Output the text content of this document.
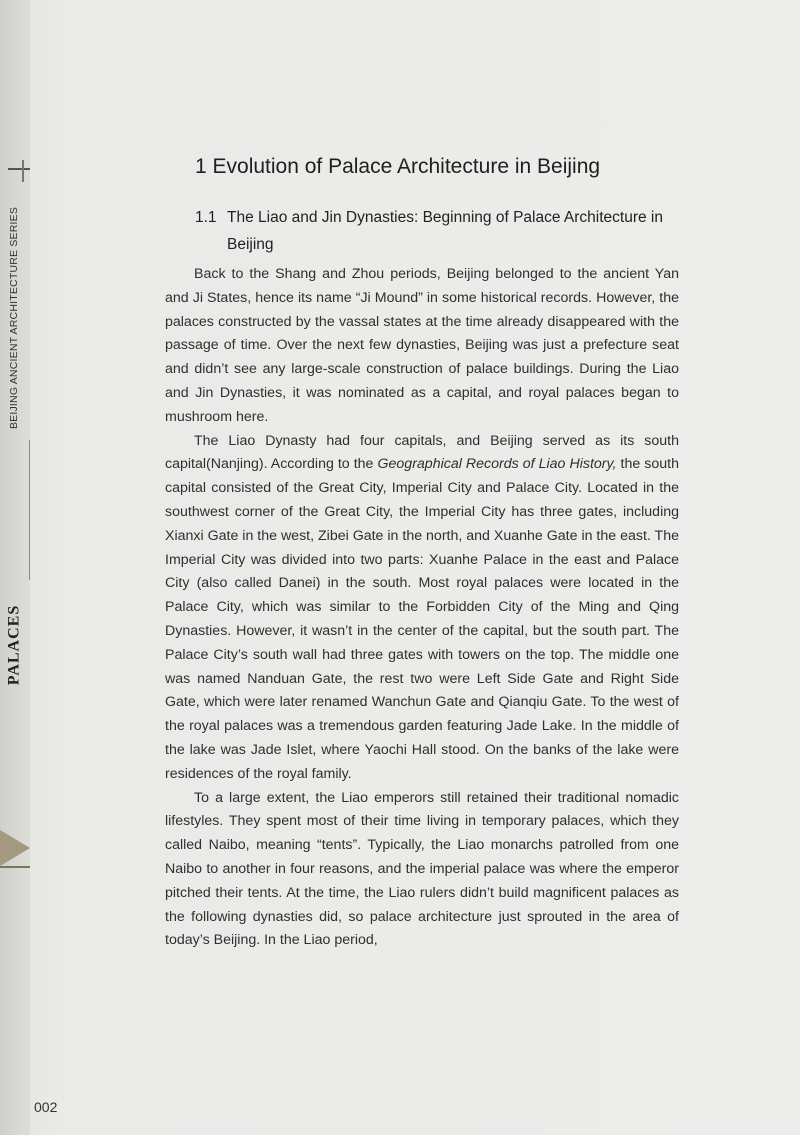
BEIJING ANCIENT ARCHITECTURE SERIES
PALACES
1 Evolution of Palace Architecture in Beijing
1.1 The Liao and Jin Dynasties: Beginning of Palace Architecture in Beijing

Back to the Shang and Zhou periods, Beijing belonged to the ancient Yan and Ji States, hence its name “Ji Mound” in some historical records. However, the palaces constructed by the vassal states at the time already disappeared with the passage of time. Over the next few dynasties, Beijing was just a prefecture seat and didn’t see any large-scale construction of palace buildings. During the Liao and Jin Dynasties, it was nominated as a capital, and royal palaces began to mushroom here.

The Liao Dynasty had four capitals, and Beijing served as its south capital(Nanjing). According to the Geographical Records of Liao History, the south capital consisted of the Great City, Imperial City and Palace City. Located in the southwest corner of the Great City, the Imperial City has three gates, including Xianxi Gate in the west, Zibei Gate in the north, and Xuanhe Gate in the east. The Imperial City was divided into two parts: Xuanhe Palace in the east and Palace City (also called Danei) in the south. Most royal palaces were located in the Palace City, which was similar to the Forbidden City of the Ming and Qing Dynasties. However, it wasn’t in the center of the capital, but the south part. The Palace City’s south wall had three gates with towers on the top. The middle one was named Nanduan Gate, the rest two were Left Side Gate and Right Side Gate, which were later renamed Wanchun Gate and Qianqiu Gate. To the west of the royal palaces was a tremendous garden featuring Jade Lake. In the middle of the lake was Jade Islet, where Yaochi Hall stood. On the banks of the lake were residences of the royal family.

To a large extent, the Liao emperors still retained their traditional nomadic lifestyles. They spent most of their time living in temporary palaces, which they called Naibo, meaning “tents”. Typically, the Liao monarchs patrolled from one Naibo to another in four reasons, and the imperial palace was where the emperor pitched their tents. At the time, the Liao rulers didn’t build magnificent palaces as the following dynasties did, so palace architecture just sprouted in the area of today’s Beijing. In the Liao period,

002
